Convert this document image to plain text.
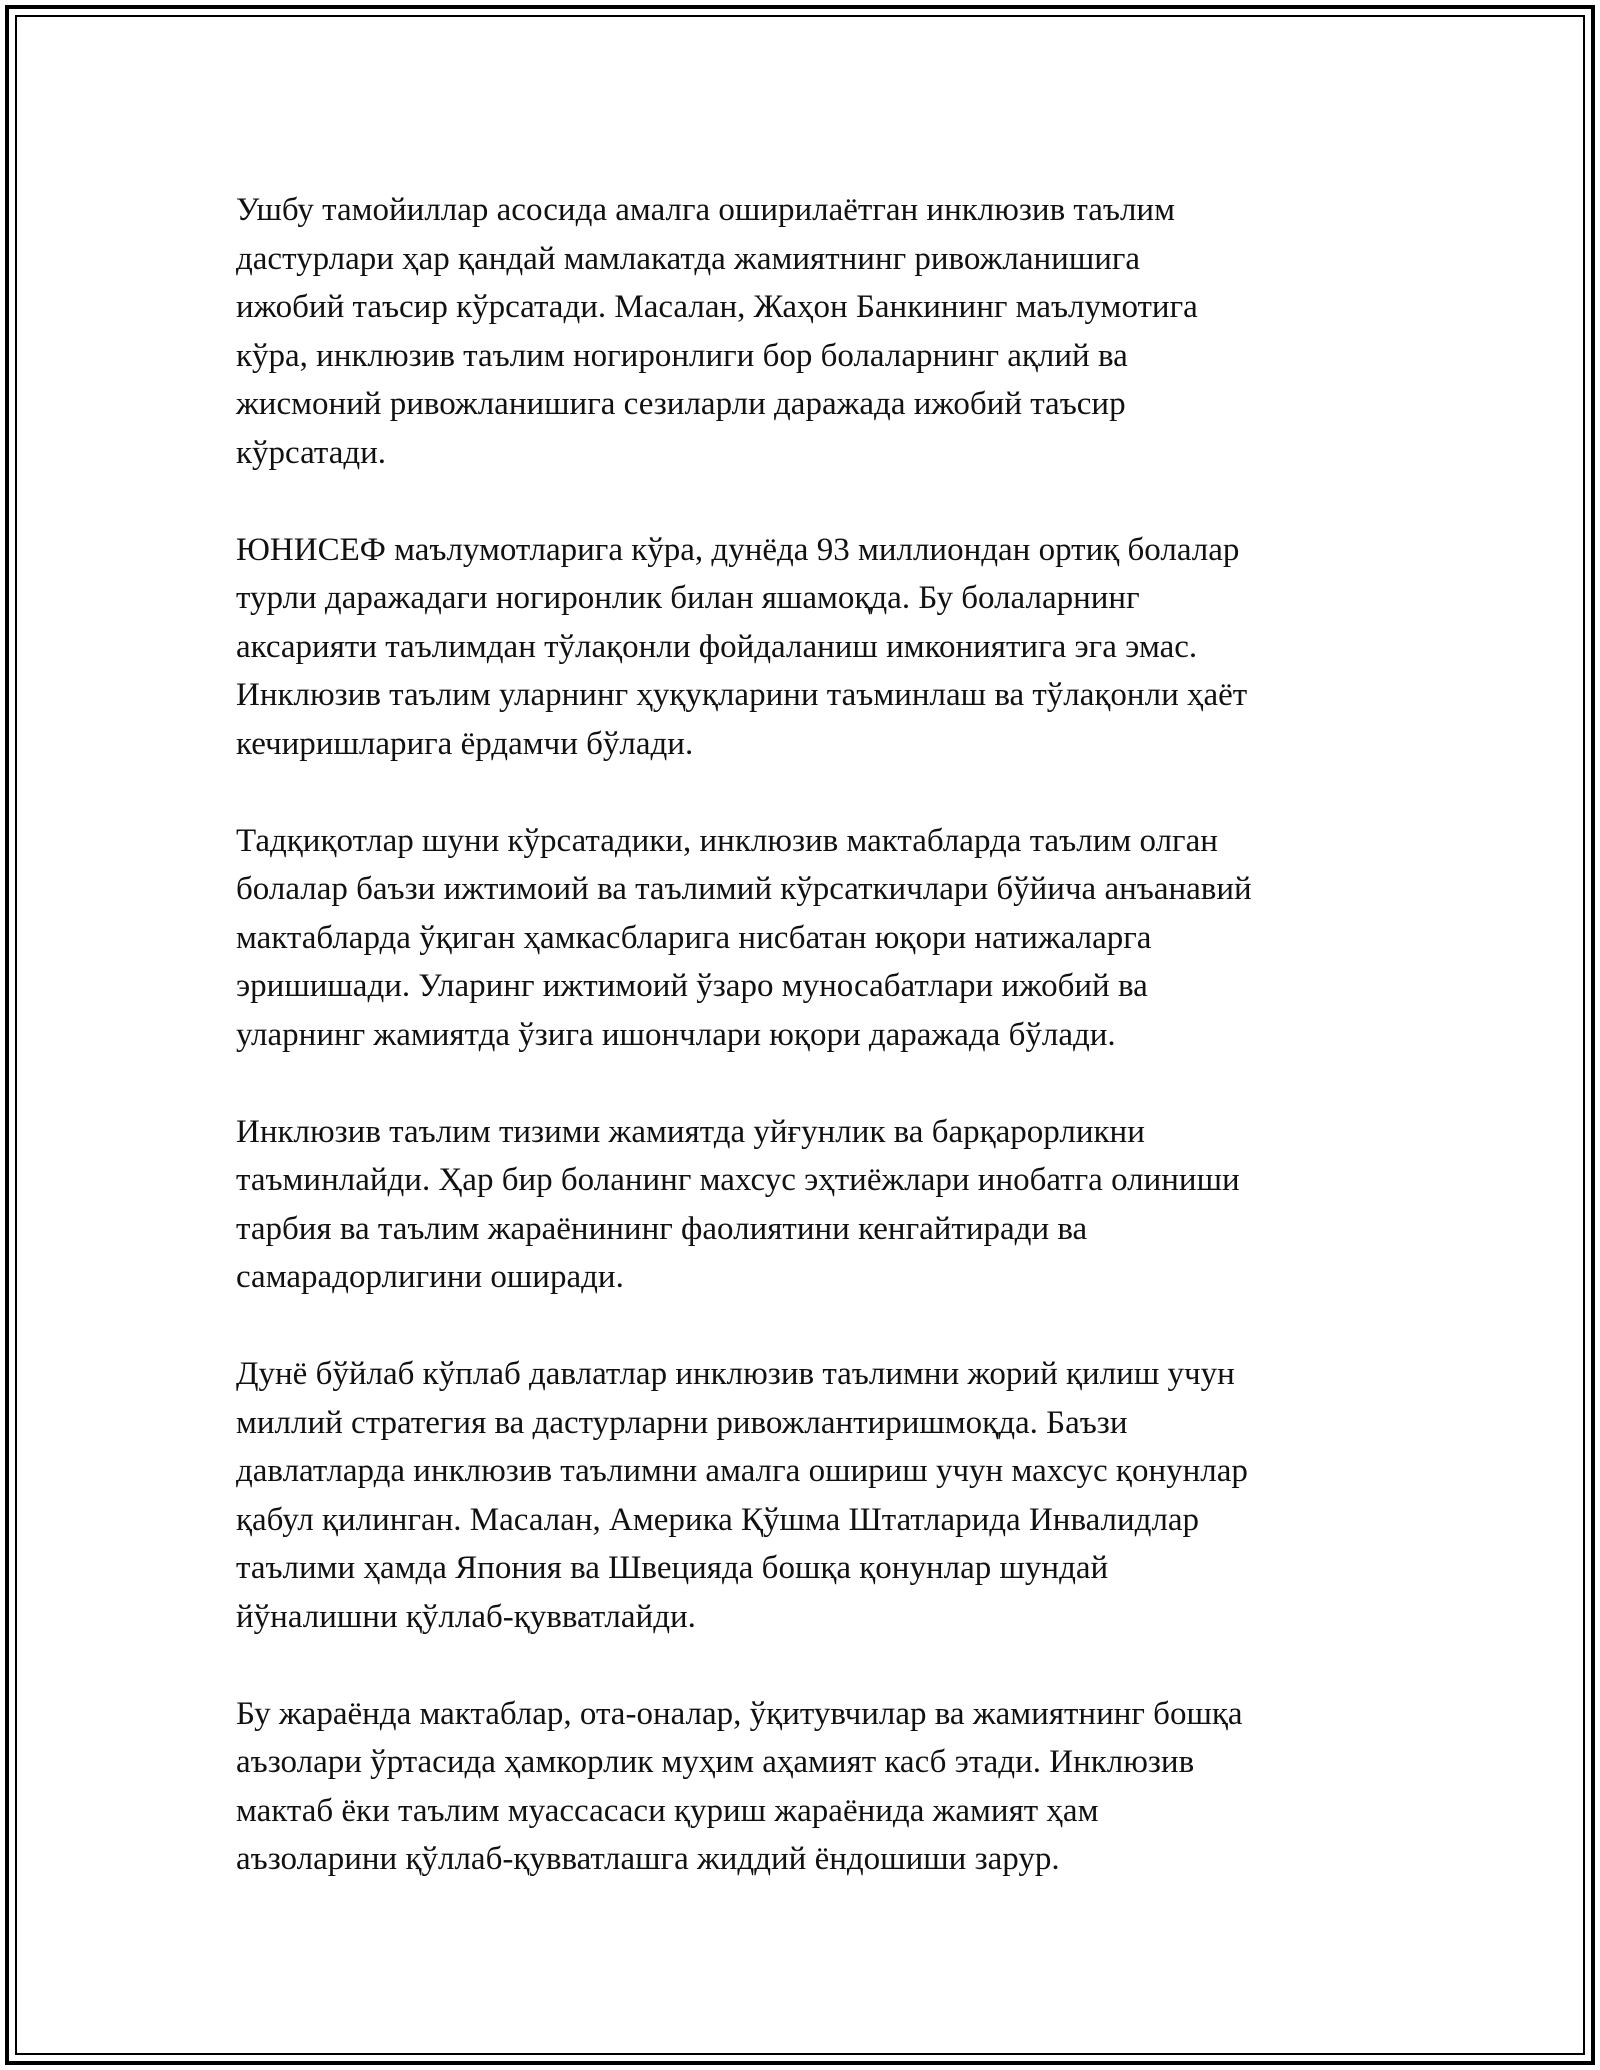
Ушбу тамойиллар асосида амалга оширилаётган инклюзив таълим
дастурлари ҳар қандай мамлакатда жамиятнинг ривожланишига
ижобий таъсир кўрсатади. Масалан, Жаҳон Банкининг маълумотига
кўра, инклюзив таълим ногиронлиги бор болаларнинг ақлий ва
жисмоний ривожланишига сезиларли даражада ижобий таъсир
кўрсатади.

ЮНИСЕФ маълумотларига кўра, дунёда 93 миллиондан ортиқ болалар
турли даражадаги ногиронлик билан яшамоқда. Бу болаларнинг
аксарияти таълимдан тўлақонли фойдаланиш имкониятига эга эмас.
Инклюзив таълим уларнинг ҳуқуқларини таъминлаш ва тўлақонли ҳаёт
кечиришларига ёрдамчи бўлади.

Тадқиқотлар шуни кўрсатадики, инклюзив мактабларда таълим олган
болалар баъзи ижтимоий ва таълимий кўрсаткичлари бўйича анъанавий
мактабларда ўқиган ҳамкасбларига нисбатан юқори натижаларга
эришишади. Уларинг ижтимоий ўзаро муносабатлари ижобий ва
уларнинг жамиятда ўзига ишончлари юқори даражада бўлади.

Инклюзив таълим тизими жамиятда уйғунлик ва барқарорликни
таъминлайди. Ҳар бир боланинг махсус эҳтиёжлари инобатга олиниши
тарбия ва таълим жараёнининг фаолиятини кенгайтиради ва
самарадорлигини оширади.

Дунё бўйлаб кўплаб давлатлар инклюзив таълимни жорий қилиш учун
миллий стратегия ва дастурларни ривожлантиришмоқда. Баъзи
давлатларда инклюзив таълимни амалга ошириш учун махсус қонунлар
қабул қилинган. Масалан, Америка Қўшма Штатларида Инвалидлар
таълими ҳамда Япония ва Швецияда бошқа қонунлар шундай
йўналишни қўллаб-қувватлайди.

Бу жараёнда мактаблар, ота-оналар, ўқитувчилар ва жамиятнинг бошқа
аъзолари ўртасида ҳамкорлик муҳим аҳамият касб этади. Инклюзив
мактаб ёки таълим муассасаси қуриш жараёнида жамият ҳам
аъзоларини қўллаб-қувватлашга жиддий ёндошиши зарур.
